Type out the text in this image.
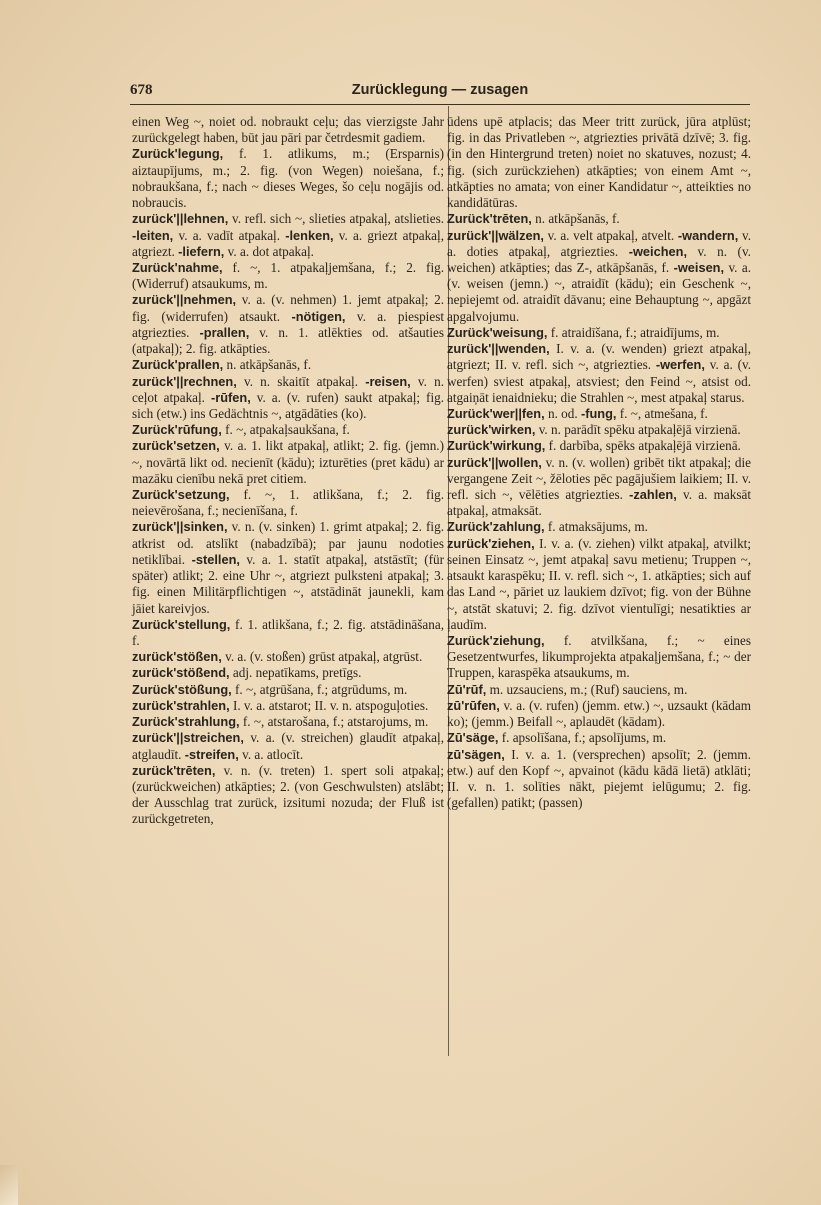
678	Zurücklegung — zusagen

einen Weg ~, noiet od. nobraukt ceļu; das vierzigste Jahr zurückgelegt haben, būt jau pāri par četrdesmit gadiem.

Zurück'legung, f. 1. atlikums, m.; (Ersparnis) aiztaupījums, m.; 2. fig. (von Wegen) noiešana, f.; nobraukšana, f.; nach ~ dieses Weges, šo ceļu nogājis od. nobraucis.

zurück'||lehnen, v. refl. sich ~, slieties atpakaļ, atslieties. -leiten, v. a. vadīt atpakaļ. -lenken, v. a. griezt atpakaļ, atgriezt. -liefern, v. a. dot atpakaļ.

Zurück'nahme, f. ~, 1. atpakaļjemšana, f.; 2. fig. (Widerruf) atsaukums, m.

zurück'||nehmen, v. a. (v. nehmen) 1. jemt atpakaļ; 2. fig. (widerrufen) atsaukt. -nötigen, v. a. piespiest atgriezties. -prallen, v. n. 1. atlēkties od. atšauties (atpakaļ); 2. fig. atkāpties.

Zurück'prallen, n. atkāpšanās, f.

zurück'||rechnen, v. n. skaitīt atpakaļ. -reisen, v. n. ceļot atpakaļ. -rūfen, v. a. (v. rufen) saukt atpakaļ; fig. sich (etw.) ins Gedächtnis ~, atgādāties (ko).

Zurück'rūfung, f. ~, atpakaļsaukšana, f.

zurück'setzen, v. a. 1. likt atpakaļ, atlikt; 2. fig. (jemn.) ~, novārtā likt od. necienīt (kādu); izturēties (pret kādu) ar mazāku cienību nekā pret citiem.

Zurück'setzung, f. ~, 1. atlikšana, f.; 2. fig. neievērošana, f.; necienīšana, f.

zurück'||sinken, v. n. (v. sinken) 1. grimt atpakaļ; 2. fig. atkrist od. atslīkt (nabadzībā); par jaunu nodoties netiklībai. -stellen, v. a. 1. statīt atpakaļ, atstāstīt; (für später) atlikt; 2. eine Uhr ~, atgriezt pulksteni atpakaļ; 3. fig. einen Militärpflichtigen ~, atstādināt jaunekli, kam jāiet kareivjos.

Zurück'stellung, f. 1. atlikšana, f.; 2. fig. atstādināšana, f.

zurück'stößen, v. a. (v. stoßen) grūst atpakaļ, atgrūst.

zurück'stößend, adj. nepatīkams, pretīgs.

Zurück'stößung, f. ~, atgrūšana, f.; atgrūdums, m.

zurück'strahlen, I. v. a. atstarot; II. v. n. atspoguļoties.

Zurück'strahlung, f. ~, atstarošana, f.; atstarojums, m.

zurück'||streichen, v. a. (v. streichen) glaudīt atpakaļ, atglaudīt. -streifen, v. a. atlocīt.

zurück'trēten, v. n. (v. treten) 1. spert soli atpakaļ; (zurückweichen) atkāpties; 2. (von Geschwulsten) atslābt; der Ausschlag trat zurück, izsitumi nozuda; der Fluß ist zurückgetreten,

ūdens upē atplacis; das Meer tritt zurück, jūra atplūst; fig. in das Privatleben ~, atgriezties privātā dzīvē; 3. fig. (in den Hintergrund treten) noiet no skatuves, nozust; 4. fig. (sich zurückziehen) atkāpties; von einem Amt ~, atkāpties no amata; von einer Kandidatur ~, atteikties no kandidātūras.

Zurück'trēten, n. atkāpšanās, f.

zurück'||wälzen, v. a. velt atpakaļ, atvelt. -wandern, v. a. doties atpakaļ, atgriezties. -weichen, v. n. (v. weichen) atkāpties; das Z-, atkāpšanās, f. -weisen, v. a. (v. weisen (jemn.) ~, atraidīt (kādu); ein Geschenk ~, nepiejemt od. atraidīt dāvanu; eine Behauptung ~, apgāzt apgalvojumu.

Zurück'weisung, f. atraidīšana, f.; atraidījums, m.

zurück'||wenden, I. v. a. (v. wenden) griezt atpakaļ, atgriezt; II. v. refl. sich ~, atgriezties. -werfen, v. a. (v. werfen) sviest atpakaļ, atsviest; den Feind ~, atsist od. atgaiņāt ienaidnieku; die Strahlen ~, mest atpakaļ starus.

Zurück'wer||fen, n. od. -fung, f. ~, atmešana, f.

zurück'wirken, v. n. parādīt spēku atpakaļējā virzienā.

Zurück'wirkung, f. darbība, spēks atpakaļējā virzienā.

zurück'||wollen, v. n. (v. wollen) gribēt tikt atpakaļ; die vergangene Zeit ~, žēloties pēc pagājušiem laikiem; II. v. refl. sich ~, vēlēties atgriezties. -zahlen, v. a. maksāt atpakaļ, atmaksāt.

Zurück'zahlung, f. atmaksājums, m.

zurück'ziehen, I. v. a. (v. ziehen) vilkt atpakaļ, atvilkt; seinen Einsatz ~, jemt atpakaļ savu metienu; Truppen ~, atsaukt karaspēku; II. v. refl. sich ~, 1. atkāpties; sich auf das Land ~, pāriet uz laukiem dzīvot; fig. von der Bühne ~, atstāt skatuvi; 2. fig. dzīvot vientulīgi; nesatikties ar ļaudīm.

Zurück'ziehung, f. atvilkšana, f.; ~ eines Gesetzentwurfes, likumprojekta atpakaļjemšana, f.; ~ der Truppen, karaspēka atsaukums, m.

Zū'rūf, m. uzsauciens, m.; (Ruf) sauciens, m.

zū'rūfen, v. a. (v. rufen) (jemm. etw.) ~, uzsaukt (kādam ko); (jemm.) Beifall ~, aplaudēt (kādam).

Zū'säge, f. apsolīšana, f.; apsolījums, m.

zū'sägen, I. v. a. 1. (versprechen) apsolīt; 2. (jemm. etw.) auf den Kopf ~, apvainot (kādu kādā lietā) atklāti; II. v. n. 1. solīties nākt, piejemt ielūgumu; 2. fig. (gefallen) patikt; (passen)
